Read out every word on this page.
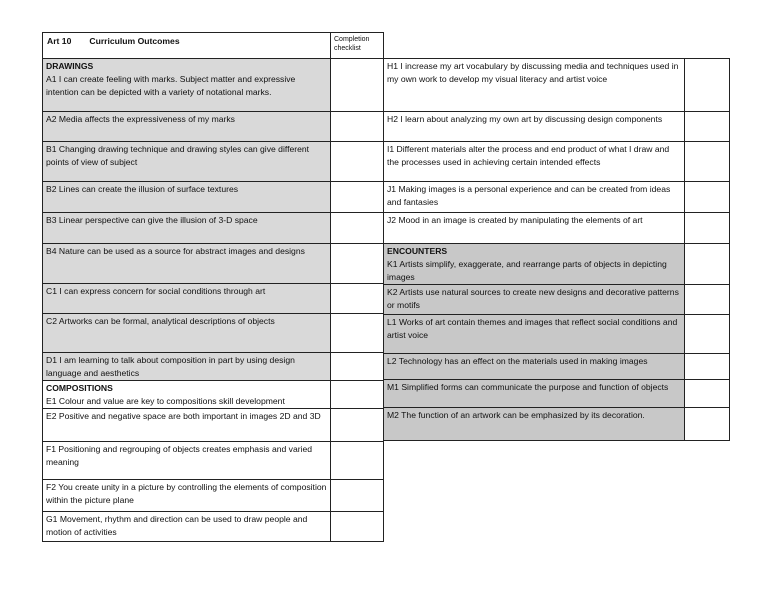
Art 10 Curriculum Outcomes	Completion checklist

DRAWINGS
A1 I can create feeling with marks. Subject matter and expressive intention can be depicted with a variety of notational marks.	

A2 Media affects the expressiveness of my marks	

B1 Changing drawing technique and drawing styles can give different points of view of subject	

B2 Lines can create the illusion of surface textures	

B3 Linear perspective can give the illusion of 3-D space	

B4 Nature can be used as a source for abstract images and designs	

C1 I can express concern for social conditions through art	

C2 Artworks can be formal, analytical descriptions of objects	

D1 I am learning to talk about composition in part by using design language and aesthetics	

COMPOSITIONS
E1 Colour and value are key to compositions skill development	

E2 Positive and negative space are both important in images 2D and 3D	

F1 Positioning and regrouping of objects creates emphasis and varied meaning	

F2 You create unity in a picture by controlling the elements of composition within the picture plane	

G1 Movement, rhythm and direction can be used to draw people and motion of activities	

H1 I increase my art vocabulary by discussing media and techniques used in my own work to develop my visual literacy and artist voice	

H2 I learn about analyzing my own art by discussing design components	

I1 Different materials alter the process and end product of what I draw and the processes used in achieving certain intended effects	

J1 Making images is a personal experience and can be created from ideas and fantasies	

J2 Mood in an image is created by manipulating the elements of art	

ENCOUNTERS
K1 Artists simplify, exaggerate, and rearrange parts of objects in depicting images	

K2 Artists use natural sources to create new designs and decorative patterns or motifs	

L1 Works of art contain themes and images that reflect social conditions and artist voice	

L2 Technology has an effect on the materials used in making images	

M1 Simplified forms can communicate the purpose and function of objects	

M2 The function of an artwork can be emphasized by its decoration.	
